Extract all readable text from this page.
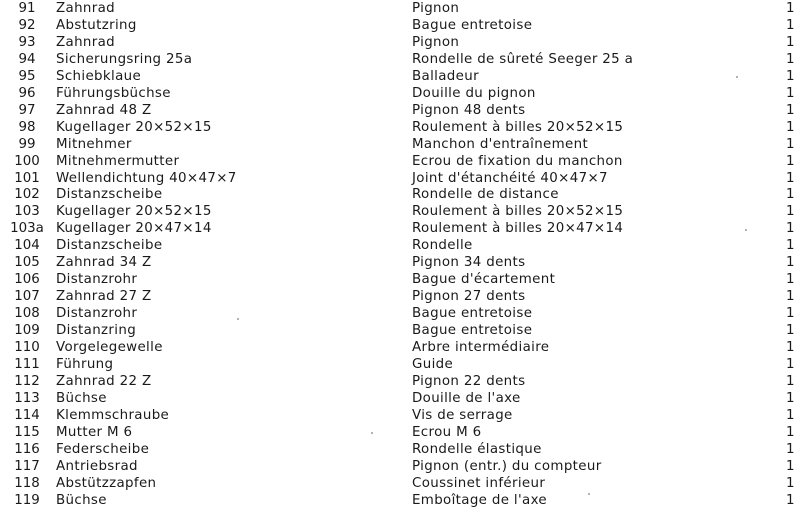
91	Zahnrad	Pignon	1
92	Abstutzring	Bague entretoise	1
93	Zahnrad	Pignon	1
94	Sicherungsring 25a	Rondelle de sûreté Seeger 25 a	1
95	Schiebklaue	Balladeur	1
96	Führungsbüchse	Douille du pignon	1
97	Zahnrad 48 Z	Pignon 48 dents	1
98	Kugellager 20×52×15	Roulement à billes 20×52×15	1
99	Mitnehmer	Manchon d'entraînement	1
100	Mitnehmermutter	Ecrou de fixation du manchon	1
101	Wellendichtung 40×47×7	Joint d'étanchéité 40×47×7	1
102	Distanzscheibe	Rondelle de distance	1
103	Kugellager 20×52×15	Roulement à billes 20×52×15	1
103a Kugellager 20×47×14	Roulement à billes 20×47×14	1
104	Distanzscheibe	Rondelle	1
105	Zahnrad 34 Z	Pignon 34 dents	1
106	Distanzrohr	Bague d'écartement	1
107	Zahnrad 27 Z	Pignon 27 dents	1
108	Distanzrohr	Bague entretoise	1
109	Distanzring	Bague entretoise	1
110	Vorgelegewelle	Arbre intermédiaire	1
111	Führung	Guide	1
112	Zahnrad 22 Z	Pignon 22 dents	1
113	Büchse	Douille de l'axe	1
114	Klemmschraube	Vis de serrage	1
115	Mutter M 6	Ecrou M 6	1
116	Federscheibe	Rondelle élastique	1
117	Antriebsrad	Pignon (entr.) du compteur	1
118	Abstützzapfen	Coussinet inférieur	1
119	Büchse	Emboîtage de l'axe	1
